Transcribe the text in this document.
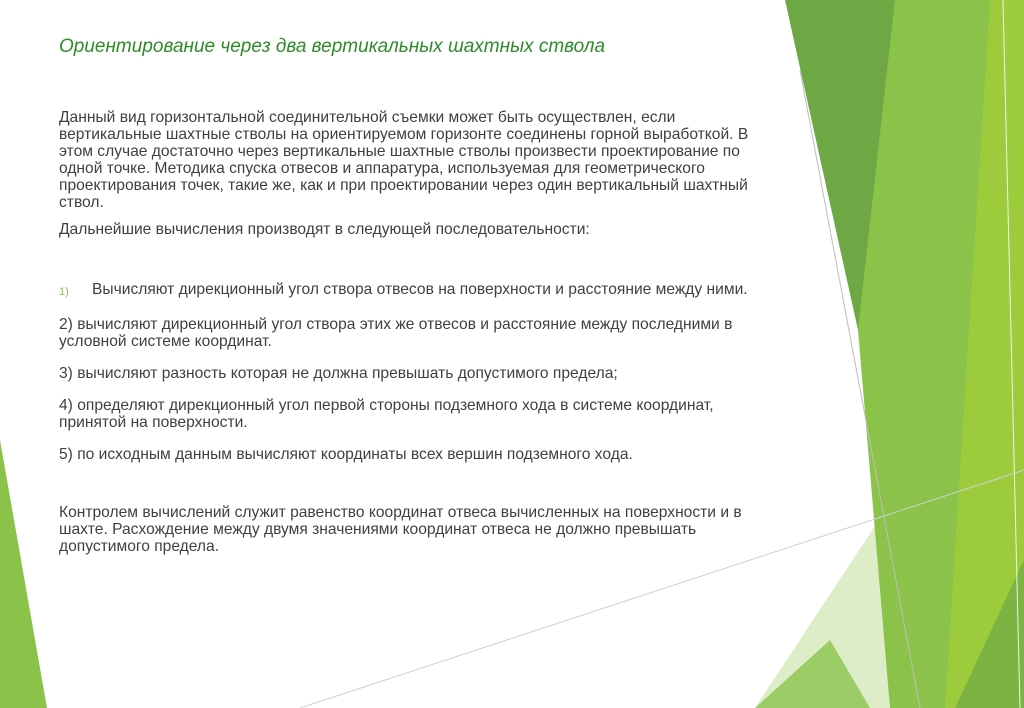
Ориентирование через два вертикальных шахтных ствола

Данный вид горизонтальной соединительной съемки может быть осуществлен, если вертикальные шахтные стволы на ориентируемом горизонте соединены горной выработкой. В этом случае достаточно через вертикальные шахтные стволы произвести проектирование по одной точке. Методика спуска отвесов и аппаратура, используемая для геометрического проектирования точек, такие же, как и при проектировании через один вертикальный шахтный ствол.

Дальнейшие вычисления производят в следующей последовательности:

1)	Вычисляют дирекционный угол створа отвесов на поверхности и расстояние между ними.

2) вычисляют дирекционный угол створа этих же отвесов и расстояние между последними в условной системе координат.

3) вычисляют разность которая не должна превышать допустимого предела;

4) определяют дирекционный угол первой стороны подземного хода в системе координат, принятой на поверхности.

5) по исходным данным вычисляют координаты всех вершин подземного хода.

Контролем вычислений служит равенство координат отвеса вычисленных на поверхности и в шахте. Расхождение между двумя значениями координат отвеса не должно превышать допустимого предела.
